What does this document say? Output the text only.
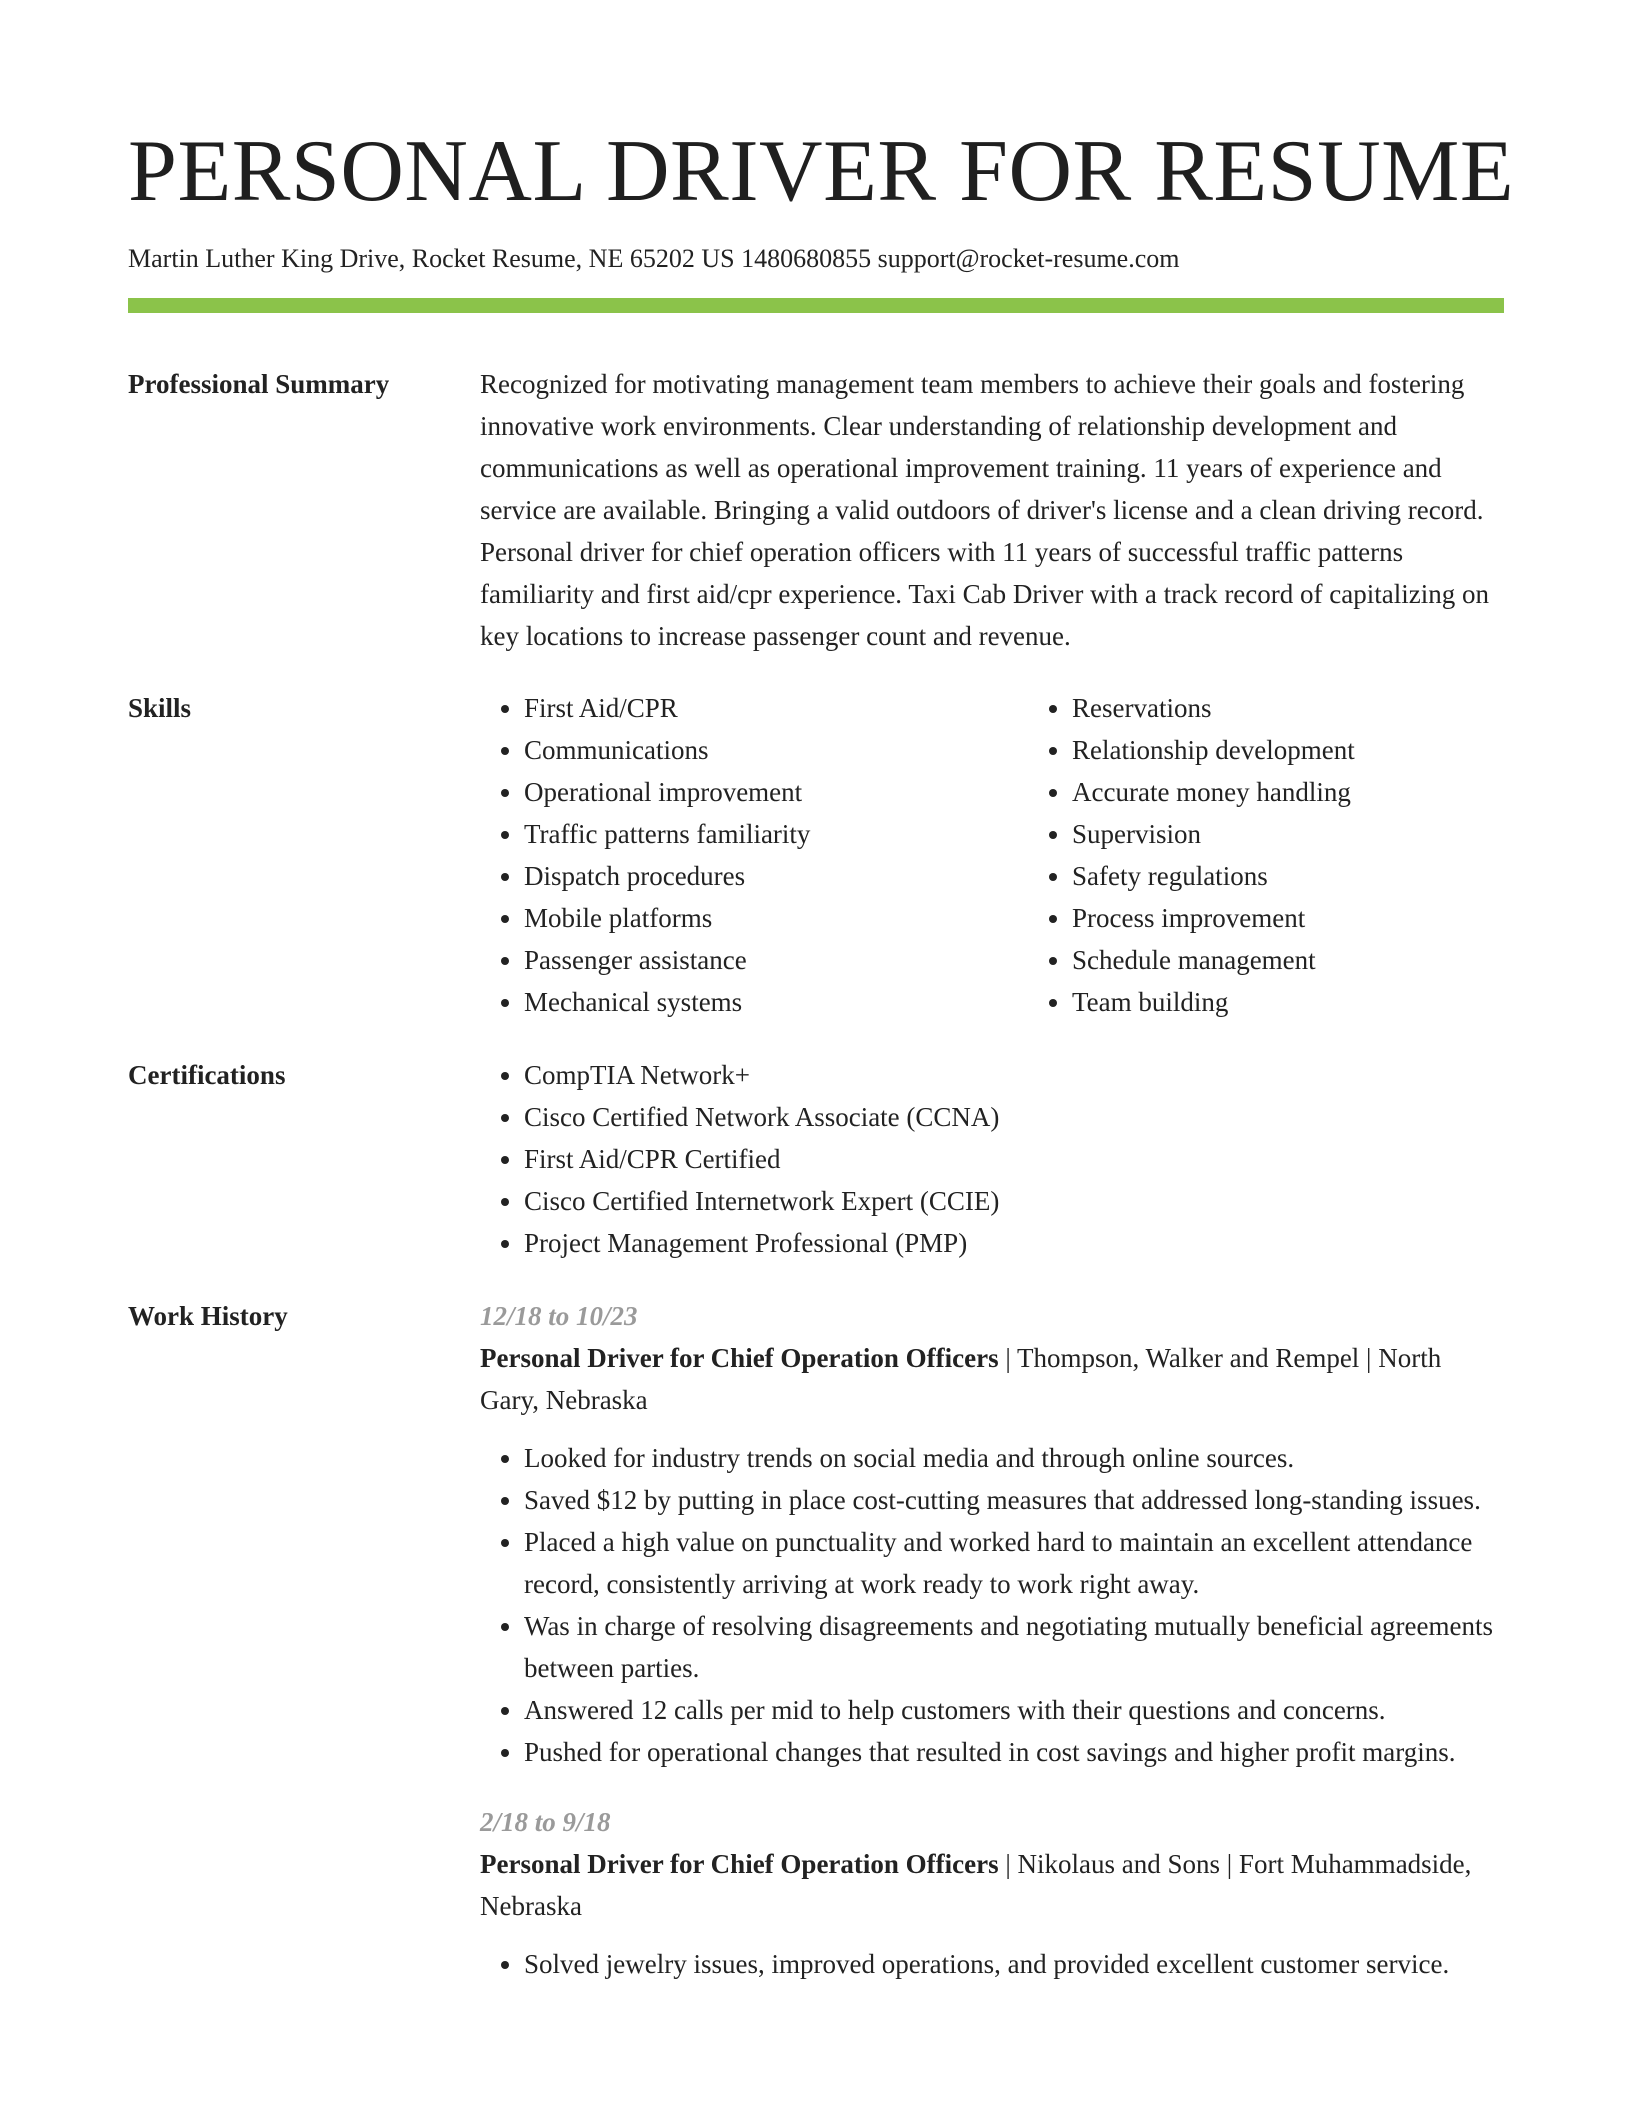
PERSONAL DRIVER FOR RESUME
Martin Luther King Drive, Rocket Resume, NE 65202 US 1480680855 support@rocket-resume.com
Professional Summary	Recognized for motivating management team members to achieve their goals and fostering innovative work environments. Clear understanding of relationship development and communications as well as operational improvement training. 11 years of experience and service are available. Bringing a valid outdoors of driver's license and a clean driving record. Personal driver for chief operation officers with 11 years of successful traffic patterns familiarity and first aid/cpr experience. Taxi Cab Driver with a track record of capitalizing on key locations to increase passenger count and revenue.

Skills	• First Aid/CPR
• Communications
• Operational improvement
• Traffic patterns familiarity
• Dispatch procedures
• Mobile platforms
• Passenger assistance
• Mechanical systems
• Reservations
• Relationship development
• Accurate money handling
• Supervision
• Safety regulations
• Process improvement
• Schedule management
• Team building
Certifications	• CompTIA Network+
• Cisco Certified Network Associate (CCNA)
• First Aid/CPR Certified
• Cisco Certified Internetwork Expert (CCIE)
• Project Management Professional (PMP)
Work History	12/18 to 10/23

Personal Driver for Chief Operation Officers | Thompson, Walker and Rempel | North Gary, Nebraska

• Looked for industry trends on social media and through online sources.
• Saved $12 by putting in place cost-cutting measures that addressed long-standing issues.
• Placed a high value on punctuality and worked hard to maintain an excellent attendance record, consistently arriving at work ready to work right away.
• Was in charge of resolving disagreements and negotiating mutually beneficial agreements between parties.
• Answered 12 calls per mid to help customers with their questions and concerns.
• Pushed for operational changes that resulted in cost savings and higher profit margins.
2/18 to 9/18

Personal Driver for Chief Operation Officers | Nikolaus and Sons | Fort Muhammadside, Nebraska

• Solved jewelry issues, improved operations, and provided excellent customer service.
